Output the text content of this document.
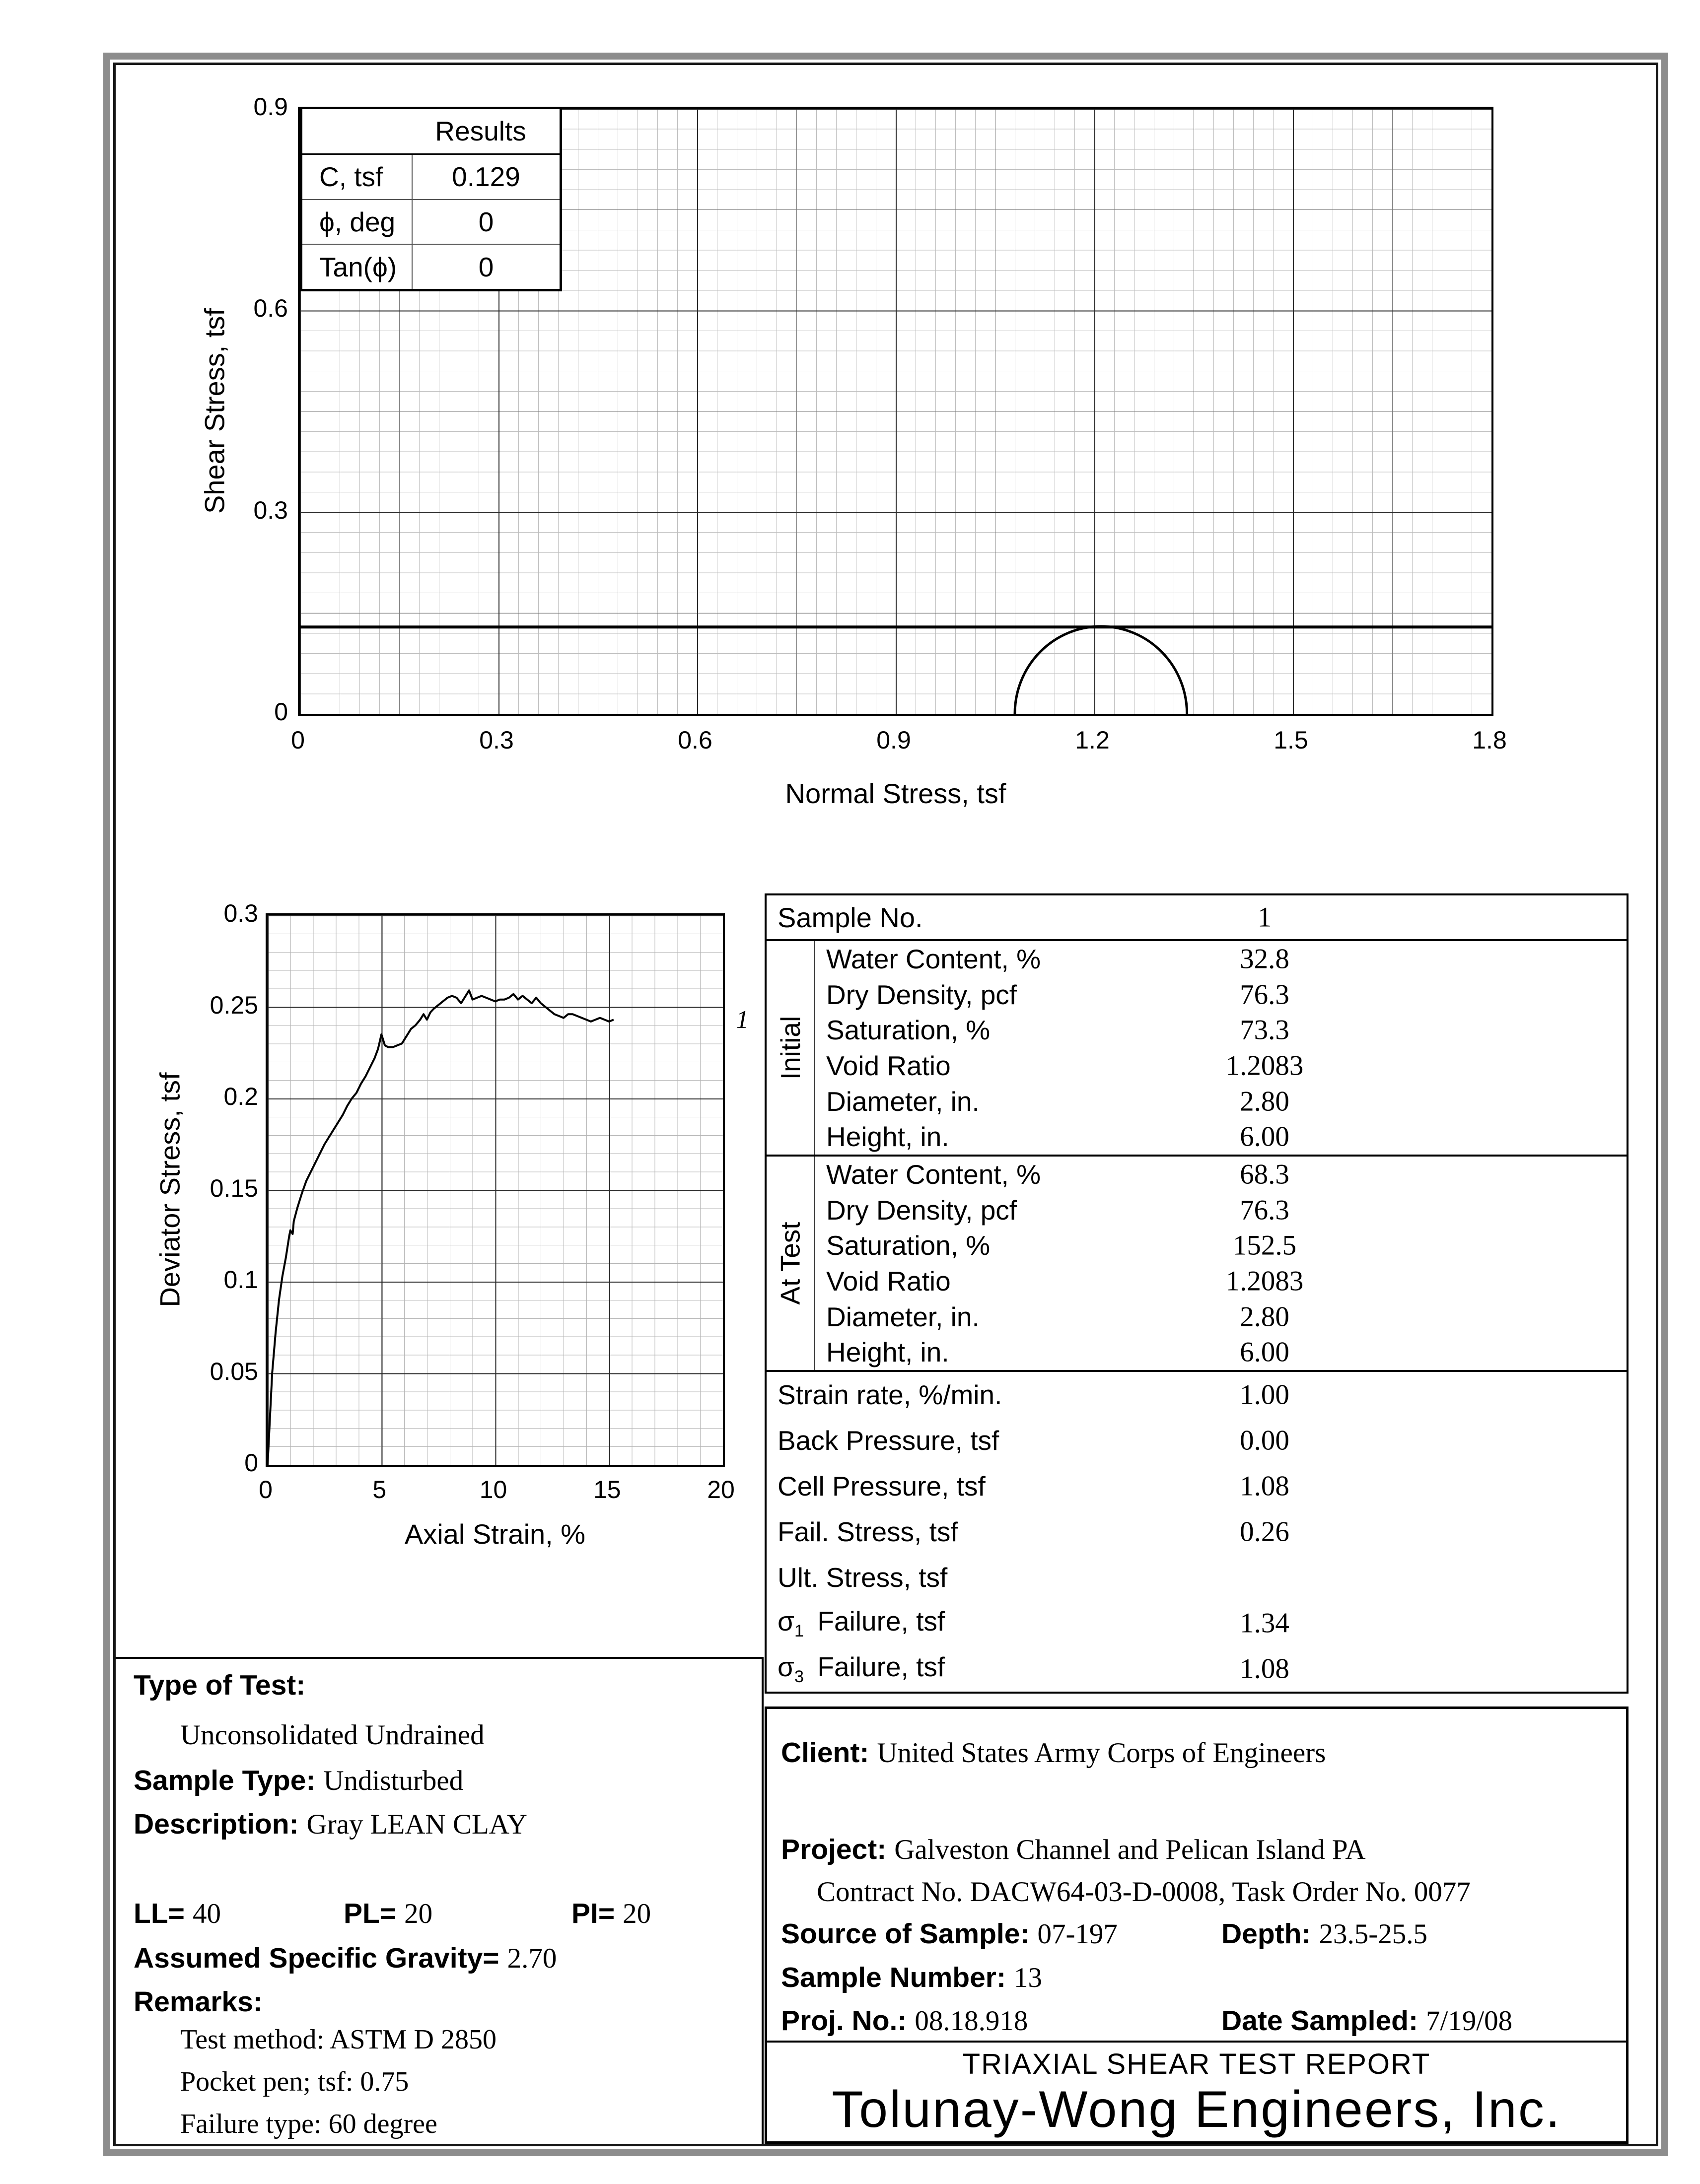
0
0.3
0.6
0.9
0	0.3	0.6	0.9	1.2	1.5	1.8
Shear Stress, tsf
Normal Stress, tsf
Results
C, tsf	0.129
ϕ, deg	0
Tan(ϕ)	0
0
0.05
0.1
0.15
0.2
0.25
0.3
0	5	10	15	20
Deviator Stress, tsf
Axial Strain, %
1
Sample No.	1
Initial
Water Content, %	32.8
Dry Density, pcf	76.3
Saturation, %	73.3
Void Ratio	1.2083
Diameter, in.	2.80
Height, in.	6.00
At Test
Water Content, %	68.3
Dry Density, pcf	76.3
Saturation, %	152.5
Void Ratio	1.2083
Diameter, in.	2.80
Height, in.	6.00
Strain rate, %/min.	1.00
Back Pressure, tsf	0.00
Cell Pressure, tsf	1.08
Fail. Stress, tsf	0.26
Ult. Stress, tsf
$\sigma_1$ Failure, tsf	1.34
$\sigma_3$ Failure, tsf	1.08
Type of Test:
Unconsolidated Undrained
Sample Type: Undisturbed
Description: Gray LEAN CLAY
LL= 40	PL= 20	PI= 20
Assumed Specific Gravity= 2.70
Remarks:
Test method: ASTM D 2850
Pocket pen; tsf: 0.75
Failure type: 60 degree
Client: United States Army Corps of Engineers
Project: Galveston Channel and Pelican Island PA
Contract No. DACW64-03-D-0008, Task Order No. 0077
Source of Sample: 07-197	Depth: 23.5-25.5
Sample Number: 13
Proj. No.: 08.18.918	Date Sampled: 7/19/08
TRIAXIAL SHEAR TEST REPORT
Tolunay-Wong Engineers, Inc.
